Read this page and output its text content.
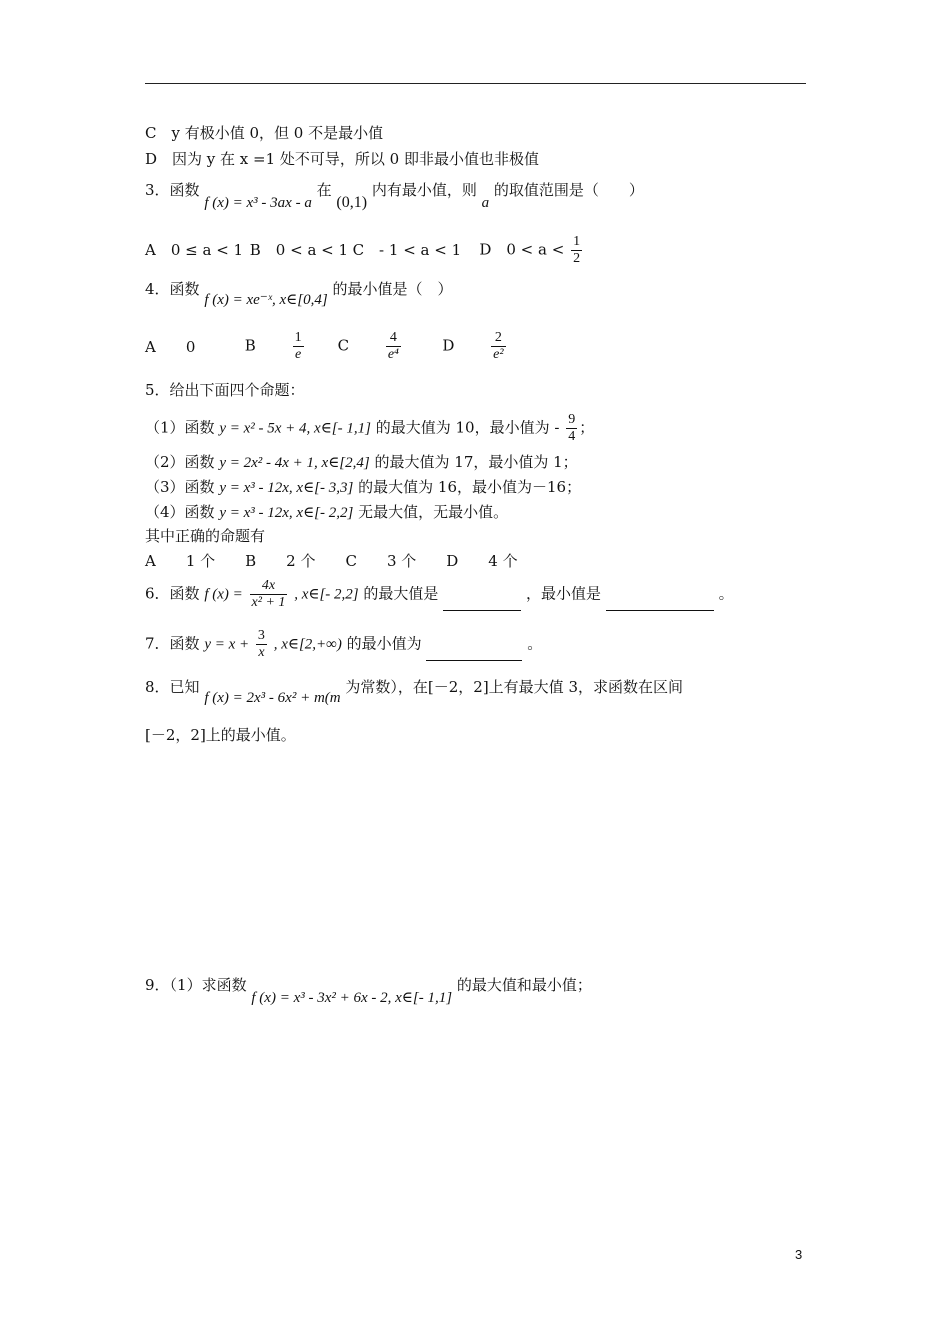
C　y 有极小值 0，但 0 不是最小值
D　因为 y 在 x =1 处不可导，所以 0 即非最小值也非极值
3．函数 f (x) = x³ - 3ax - a 在 (0,1) 内有最小值，则 a 的取值范围是（　　）
A　0 ≤ a < 1 B　0 < a < 1 C　- 1 < a < 1 D　$0 < a < \frac{1}{2}$
4．函数 f (x) = xe⁻ˣ, x∈[0,4] 的最小值是（　）
A　　0	B　　	$\frac{1}{e}$ C　　	$\frac{4}{\text{e⁴}}$	D　　	$\frac{2}{\text{e²}}$
5．给出下面四个命题：
（1）函数 y = x² - 5x + 4, x∈[- 1,1] 的最大值为 10，最小值为 - $\frac{9}{4}$ ；
（2）函数 y = 2x² - 4x + 1, x∈[2,4] 的最大值为 17，最小值为 1；
（3）函数 y = x³ - 12x, x∈[- 3,3] 的最大值为 16，最小值为－16；
（4）函数 y = x³ - 12x, x∈[- 2,2] 无最大值，无最小值。
其中正确的命题有
A　　1 个　　B　　2 个　　C　　3 个　　D　　4 个
6．函数 f $(x) = \frac{4x}{\text{x² + 1}}$ , x∈[- 2,2] 的最大值是	，最小值是	。
7．函数 $y = x + \frac{3}{x}$ , x∈[2,+∞) 的最小值为	。
8．已知 f (x) = 2x³ - 6x² + m(m 为常数），在[－2，2]上有最大值 3，求函数在区间
[－2，2]上的最小值。
9．（1）求函数 f (x) = x³ - 3x² + 6x - 2, x∈[- 1,1] 的最大值和最小值；
3
